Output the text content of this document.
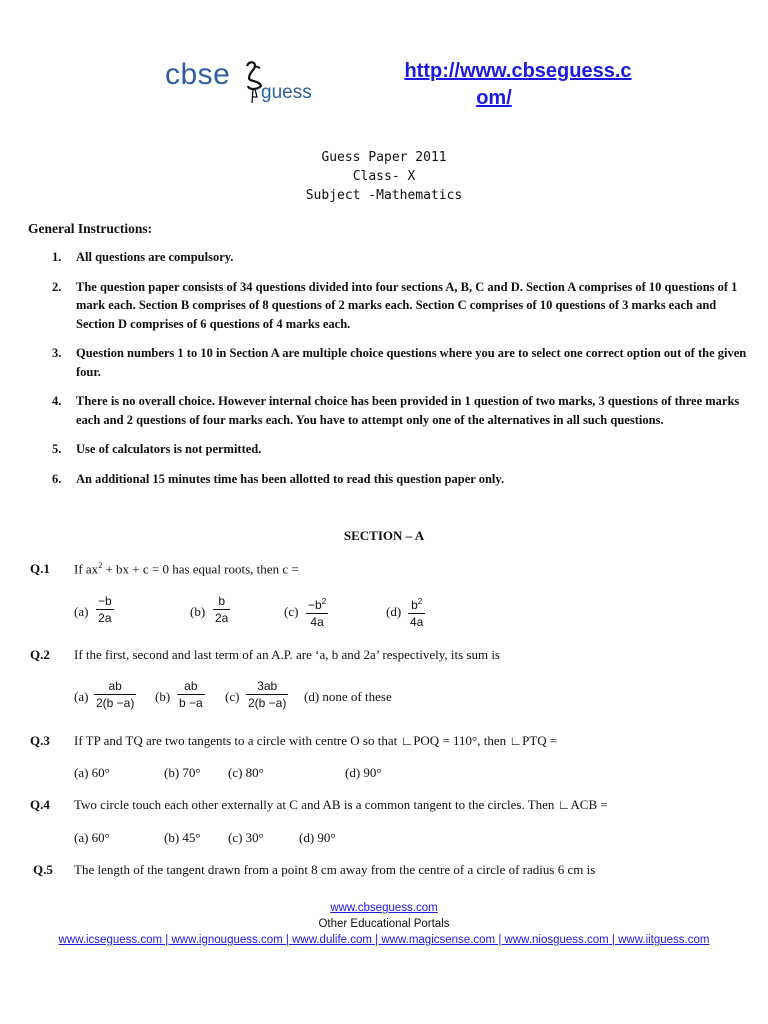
cbse
guess
http://www.cbseguess.c
om/
Guess Paper 2011
Class- X
Subject -Mathematics
General Instructions:
1. All questions are compulsory.
2. The question paper consists of 34 questions divided into four sections A, B, C and D. Section A comprises of 10 questions of 1 mark each. Section B comprises of 8 questions of 2 marks each. Section C comprises of 10 questions of 3 marks each and Section D comprises of 6 questions of 4 marks each.
3. Question numbers 1 to 10 in Section A are multiple choice questions where you are to select one correct option out of the given four.
4. There is no overall choice. However internal choice has been provided in 1 question of two marks, 3 questions of three marks each and 2 questions of four marks each. You have to attempt only one of the alternatives in all such questions.
5. Use of calculators is not permitted.
6. An additional 15 minutes time has been allotted to read this question paper only.
SECTION – A
Q.1 If $ax^2$ + bx + c = 0 has equal roots, then c =
$(a) \frac{-b}{2a}$	$(b) \frac{b}{2a}$	$(c) \frac{-b^2}{4a}$	$(d) \frac{b^2}{4a}$
Q.2 If the first, second and last term of an A.P. are ‘a, b and 2a’ respectively, its sum is
$(a) \frac{ab}{2(b -a)} (b) \frac{ab}{b -a} (c) \frac{3ab}{2(b -a)} (d)$ none of these
Q.3 If TP and TQ are two tangents to a circle with centre O so that ∟POQ = 110°, then ∟PTQ =
(a) 60°	(b) 70° (c) 80°	(d) 90°
Q.4 Two circle touch each other externally at C and AB is a common tangent to the circles. Then ∟ACB =
(a) 60°	(b) 45° (c) 30°	(d) 90°
Q.5 The length of the tangent drawn from a point 8 cm away from the centre of a circle of radius 6 cm is
www.cbseguess.com
Other Educational Portals
www.icseguess.com | www.ignouguess.com | www.dulife.com | www.magicsense.com | www.niosguess.com | www.iitguess.com
